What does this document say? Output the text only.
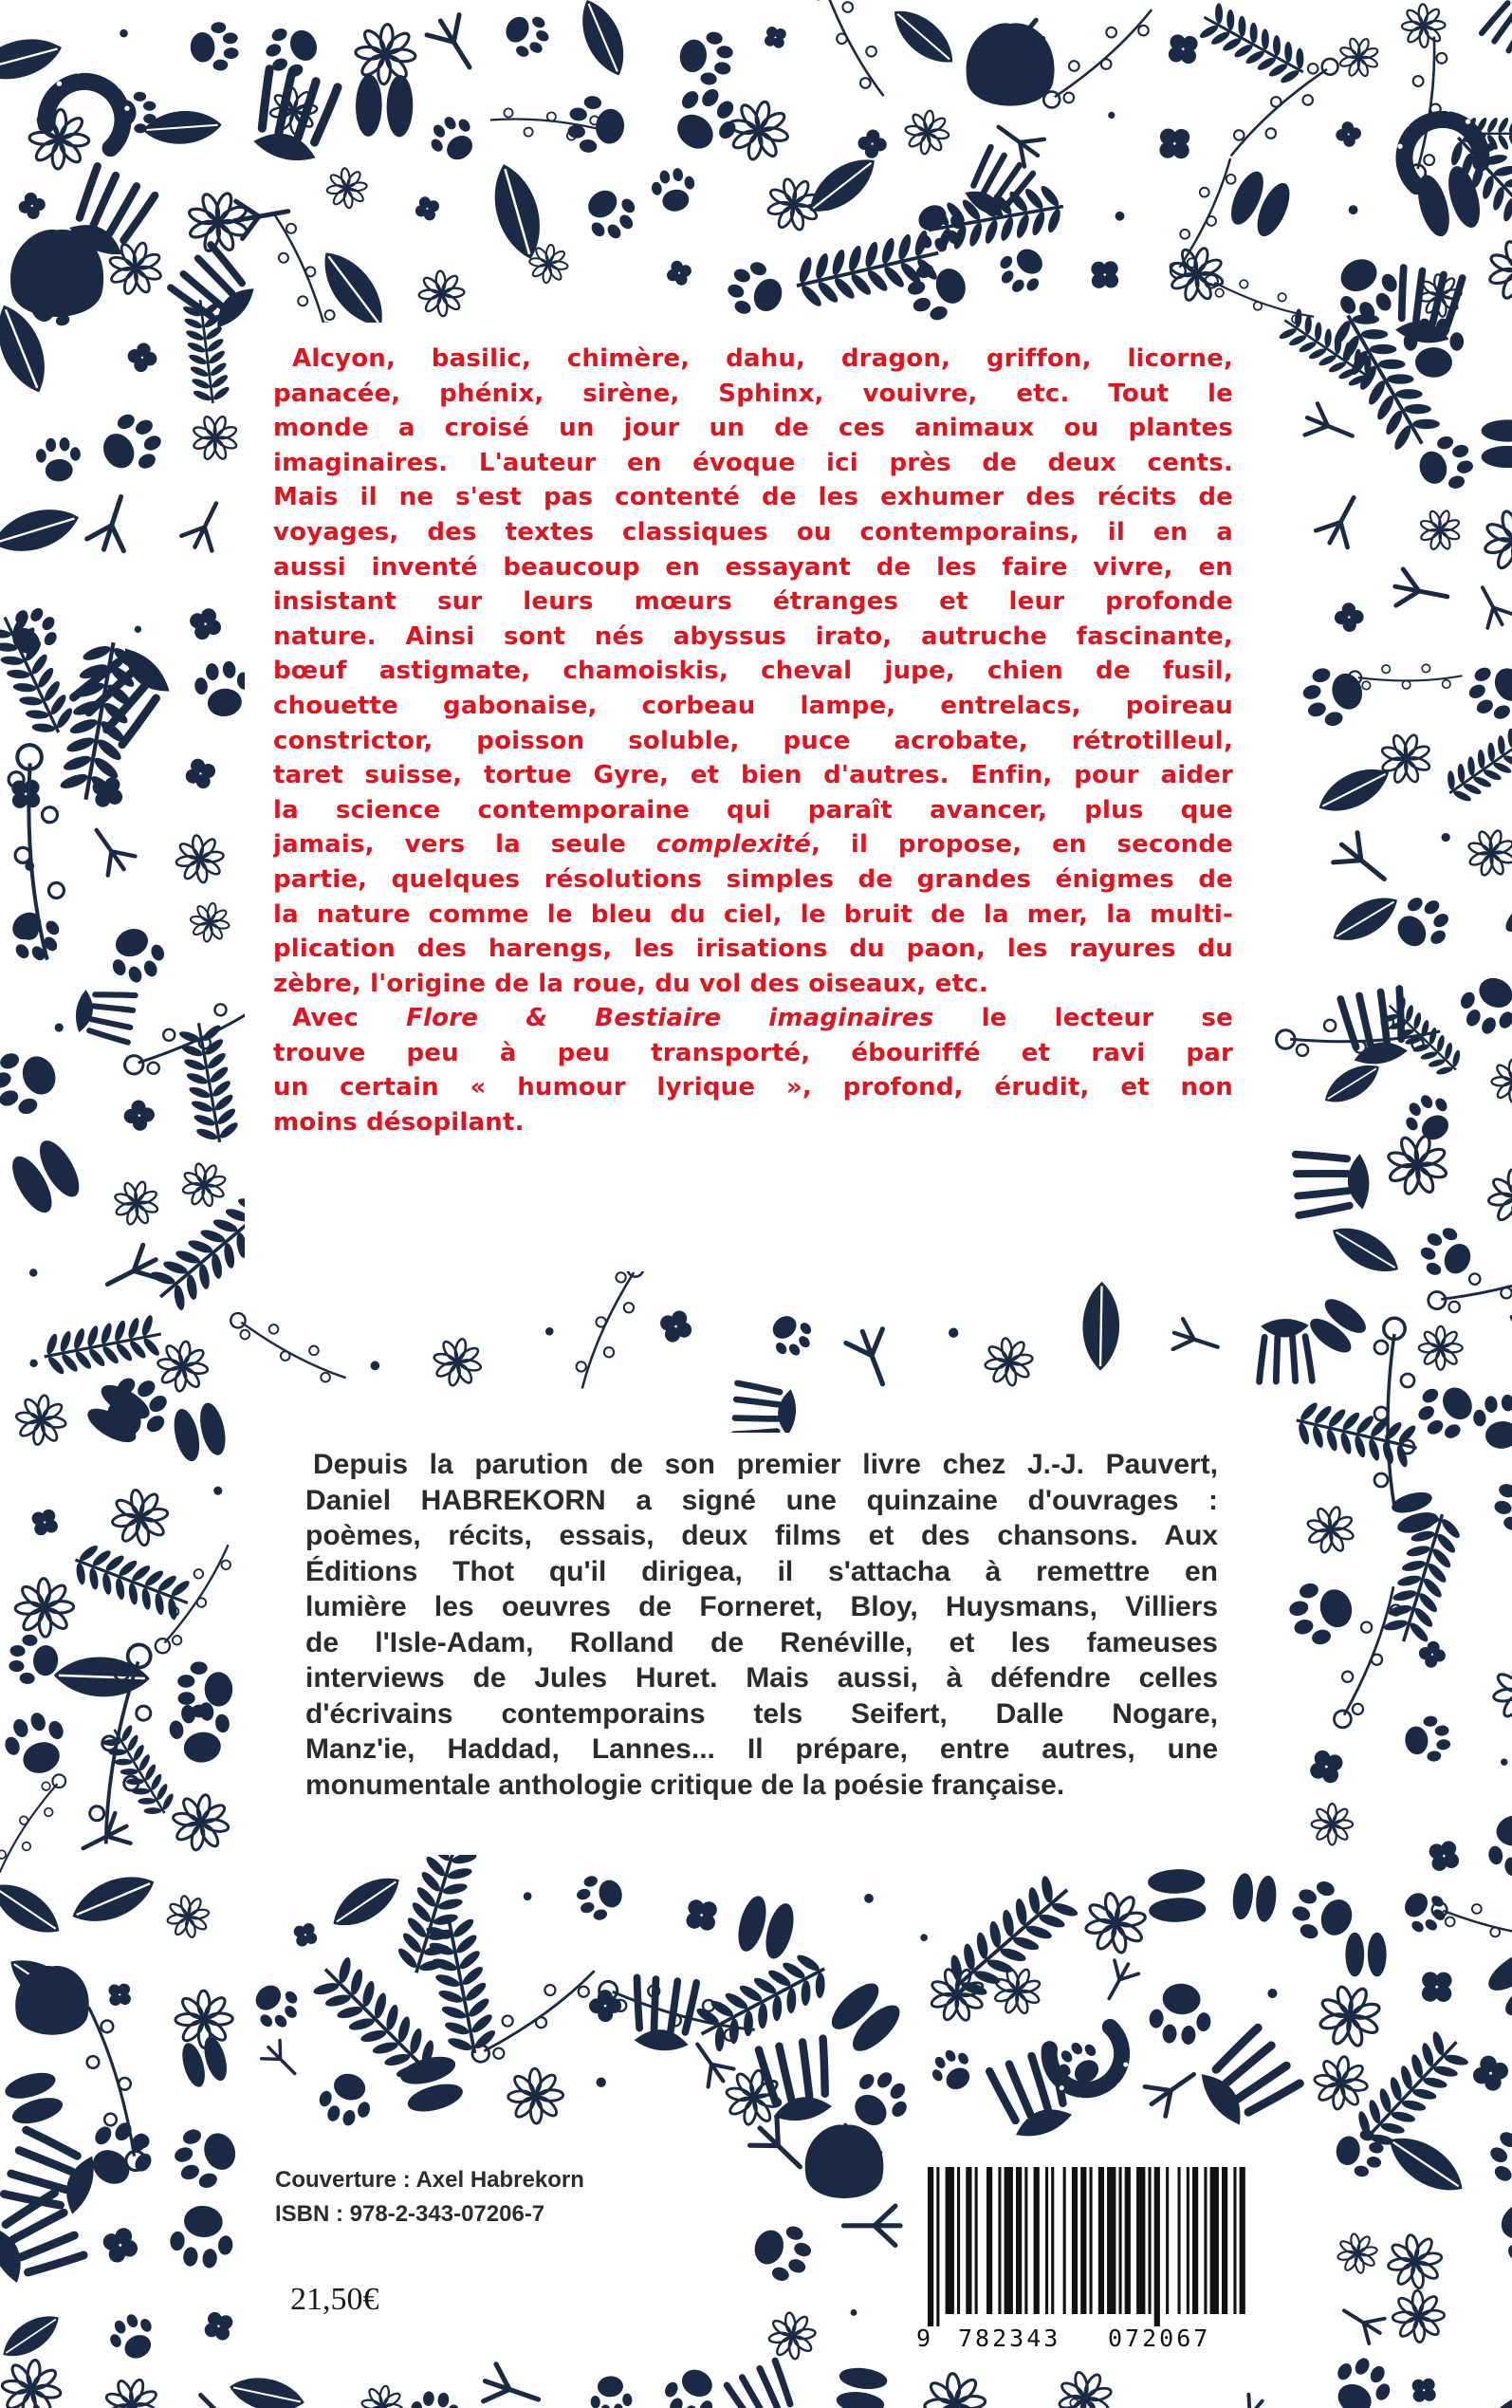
Alcyon, basilic, chimère, dahu, dragon, griffon, licorne,
panacée, phénix, sirène, Sphinx, vouivre, etc. Tout le
monde a croisé un jour un de ces animaux ou plantes
imaginaires. L'auteur en évoque ici près de deux cents.
Mais il ne s'est pas contenté de les exhumer des récits de
voyages, des textes classiques ou contemporains, il en a
aussi inventé beaucoup en essayant de les faire vivre, en
insistant sur leurs mœurs étranges et leur profonde
nature. Ainsi sont nés abyssus irato, autruche fascinante,
bœuf astigmate, chamoiskis, cheval jupe, chien de fusil,
chouette gabonaise, corbeau lampe, entrelacs, poireau
constrictor, poisson soluble, puce acrobate, rétrotilleul,
taret suisse, tortue Gyre, et bien d'autres. Enfin, pour aider
la science contemporaine qui paraît avancer, plus que
jamais, vers la seule complexité, il propose, en seconde
partie, quelques résolutions simples de grandes énigmes de
la nature comme le bleu du ciel, le bruit de la mer, la multi-
plication des harengs, les irisations du paon, les rayures du
zèbre, l'origine de la roue, du vol des oiseaux, etc.
Avec Flore & Bestiaire imaginaires le lecteur se
trouve peu à peu transporté, ébouriffé et ravi par
un certain « humour lyrique », profond, érudit, et non
moins désopilant.
Depuis la parution de son premier livre chez J.-J. Pauvert,
Daniel HABREKORN a signé une quinzaine d'ouvrages :
poèmes, récits, essais, deux films et des chansons. Aux
Éditions Thot qu'il dirigea, il s'attacha à remettre en
lumière les oeuvres de Forneret, Bloy, Huysmans, Villiers
de l'Isle-Adam, Rolland de Renéville, et les fameuses
interviews de Jules Huret. Mais aussi, à défendre celles
d'écrivains contemporains tels Seifert, Dalle Nogare,
Manz'ie, Haddad, Lannes... Il prépare, entre autres, une
monumentale anthologie critique de la poésie française.
Couverture : Axel Habrekorn
ISBN : 978-2-343-07206-7
21,50€
9 782343 072067
